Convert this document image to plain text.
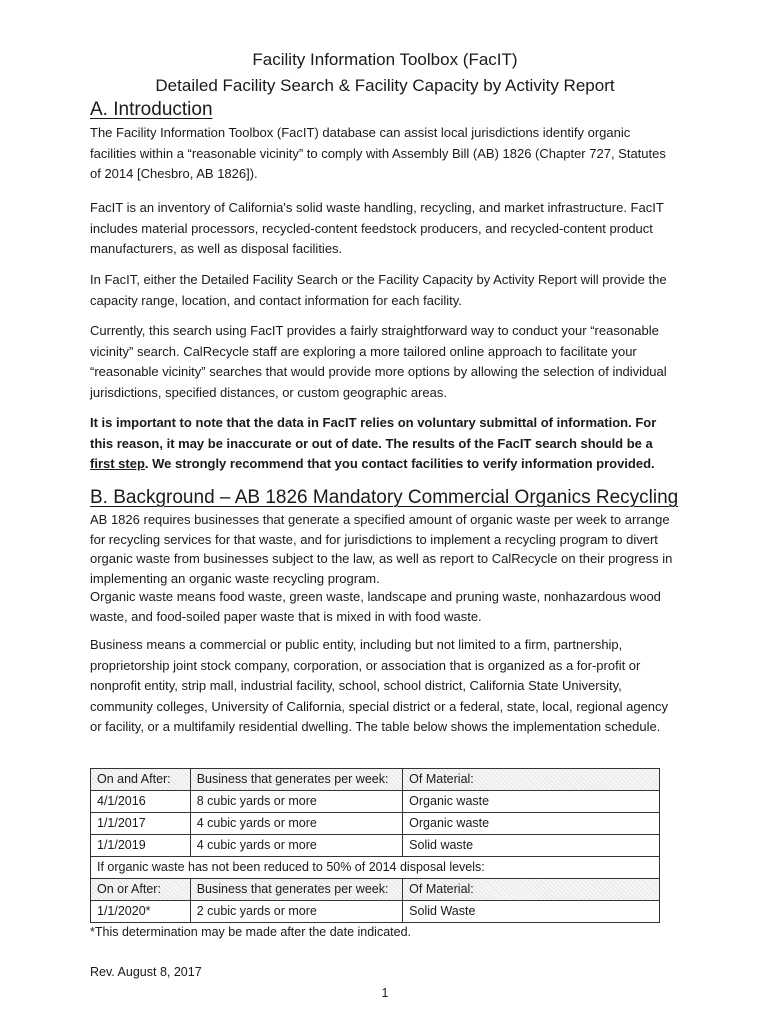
Facility Information Toolbox (FacIT)
Detailed Facility Search & Facility Capacity by Activity Report
A. Introduction

The Facility Information Toolbox (FacIT) database can assist local jurisdictions identify organic facilities within a “reasonable vicinity” to comply with Assembly Bill (AB) 1826 (Chapter 727, Statutes of 2014 [Chesbro, AB 1826]).

FacIT is an inventory of California's solid waste handling, recycling, and market infrastructure. FacIT includes material processors, recycled-content feedstock producers, and recycled-content product manufacturers, as well as disposal facilities.

In FacIT, either the Detailed Facility Search or the Facility Capacity by Activity Report will provide the capacity range, location, and contact information for each facility.

Currently, this search using FacIT provides a fairly straightforward way to conduct your “reasonable vicinity” search. CalRecycle staff are exploring a more tailored online approach to facilitate your “reasonable vicinity” searches that would provide more options by allowing the selection of individual jurisdictions, specified distances, or custom geographic areas.

It is important to note that the data in FacIT relies on voluntary submittal of information. For this reason, it may be inaccurate or out of date. The results of the FacIT search should be a first step. We strongly recommend that you contact facilities to verify information provided.

B. Background – AB 1826 Mandatory Commercial Organics Recycling

AB 1826 requires businesses that generate a specified amount of organic waste per week to arrange for recycling services for that waste, and for jurisdictions to implement a recycling program to divert organic waste from businesses subject to the law, as well as report to CalRecycle on their progress in implementing an organic waste recycling program.

Organic waste means food waste, green waste, landscape and pruning waste, nonhazardous wood waste, and food-soiled paper waste that is mixed in with food waste.

Business means a commercial or public entity, including but not limited to a firm, partnership, proprietorship joint stock company, corporation, or association that is organized as a for-profit or nonprofit entity, strip mall, industrial facility, school, school district, California State University, community colleges, University of California, special district or a federal, state, local, regional agency or facility, or a multifamily residential dwelling. The table below shows the implementation schedule.

On and After:	Business that generates per week:	Of Material:
4/1/2016	8 cubic yards or more	Organic waste
1/1/2017	4 cubic yards or more	Organic waste
1/1/2019	4 cubic yards or more	Solid waste
If organic waste has not been reduced to 50% of 2014 disposal levels:		
On or After:	Business that generates per week:	Of Material:
1/1/2020*	2 cubic yards or more	Solid Waste
*This determination may be made after the date indicated.
Rev. August 8, 2017
1
